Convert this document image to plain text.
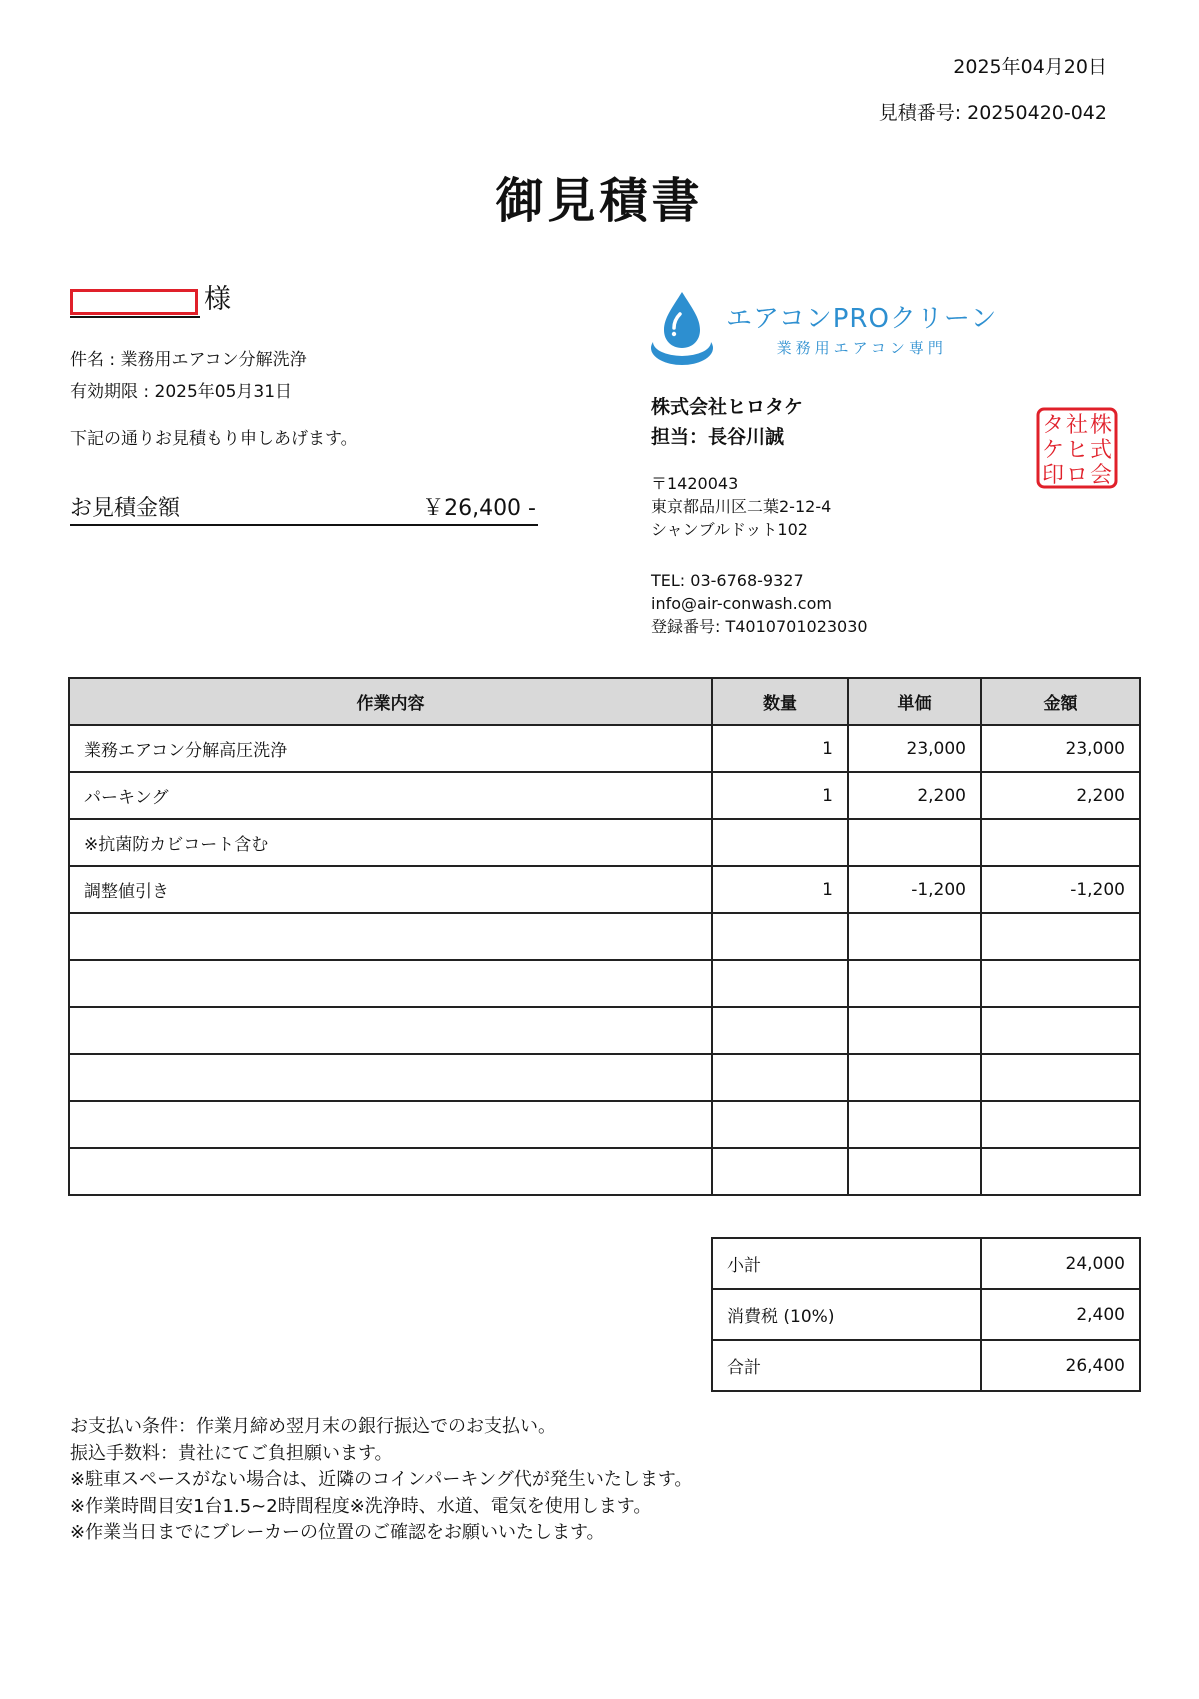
2025年04月20日
見積番号: 20250420-042
御見積書
様
件名 : 業務用エアコン分解洗浄
有効期限 : 2025年05月31日
下記の通りお見積もり申しあげます。
お見積金額	￥26,400 -
エアコンPROクリーン
業務用エアコン専門
株式会社ヒロタケ
担当：長谷川誠
〒1420043
東京都品川区二葉2-12-4
シャンブルドット102
TEL: 03-6768-9327
info@air-conwash.com
登録番号: T4010701023030
株
式
会
社
ヒ
ロ
タ
ケ
印
作業内容	数量	単価	金額
業務エアコン分解高圧洗浄	1	23,000	23,000
パーキング	1	2,200	2,200
※抗菌防カビコート含む			
調整値引き	1	-1,200	-1,200

小計	24,000
消費税 (10%)	2,400
合計	26,400
お支払い条件：作業月締め翌月末の銀行振込でのお支払い。
振込手数料：貴社にてご負担願います。
※駐車スペースがない場合は、近隣のコインパーキング代が発生いたします。
※作業時間目安1台1.5~2時間程度※洗浄時、水道、電気を使用します。
※作業当日までにブレーカーの位置のご確認をお願いいたします。
